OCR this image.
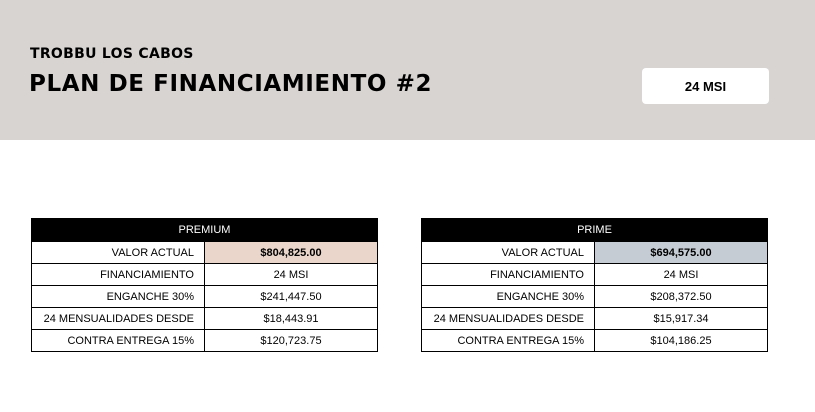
TROBBU LOS CABOS
PLAN DE FINANCIAMIENTO #2	24 MSI
PREMIUM	
VALOR ACTUAL	$804,825.00
FINANCIAMIENTO	24 MSI
ENGANCHE 30%	$241,447.50
24 MENSUALIDADES DESDE	$18,443.91
CONTRA ENTREGA 15%	$120,723.75
PRIME	
VALOR ACTUAL	$694,575.00
FINANCIAMIENTO	24 MSI
ENGANCHE 30%	$208,372.50
24 MENSUALIDADES DESDE	$15,917.34
CONTRA ENTREGA 15%	$104,186.25
